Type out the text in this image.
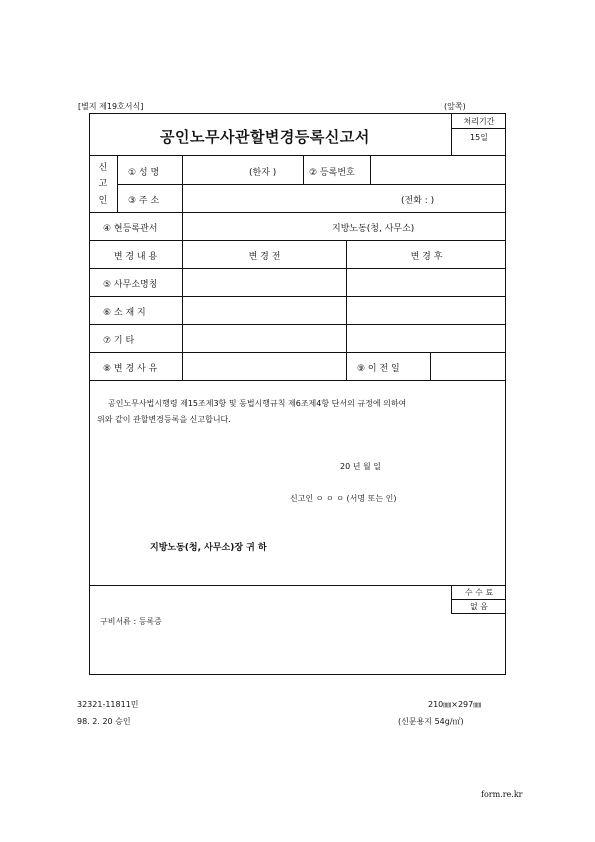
[별지 제19호서식]	(앞쪽)
공인노무사관할변경등록신고서
처리기간
15일
신
고
인
① 성 명	(한자 )	② 등록번호
③ 주 소	(전화 : )
④ 현등록관서	지방노동(청, 사무소)
변 경 내 용	변 경 전	변 경 후
⑤ 사무소명칭
⑥ 소 재 지
⑦ 기 타
⑧ 변 경 사 유	⑨ 이 전 일
공인노무사법시행령 제15조제3항 및 동법시행규칙 제6조제4항 단서의 규정에 의하여
위와 같이 관할변경등록을 신고합니다.
20 년 월 일
신고인 ㅇ ㅇ ㅇ (서명 또는 인)
지방노동(청, 사무소)장 귀 하
수 수 료
없 음
구비서류 : 등록증
32321-11811민
98. 2. 20 승인
210㎜×297㎜
(신문용지 54g/㎡)
form.re.kr
